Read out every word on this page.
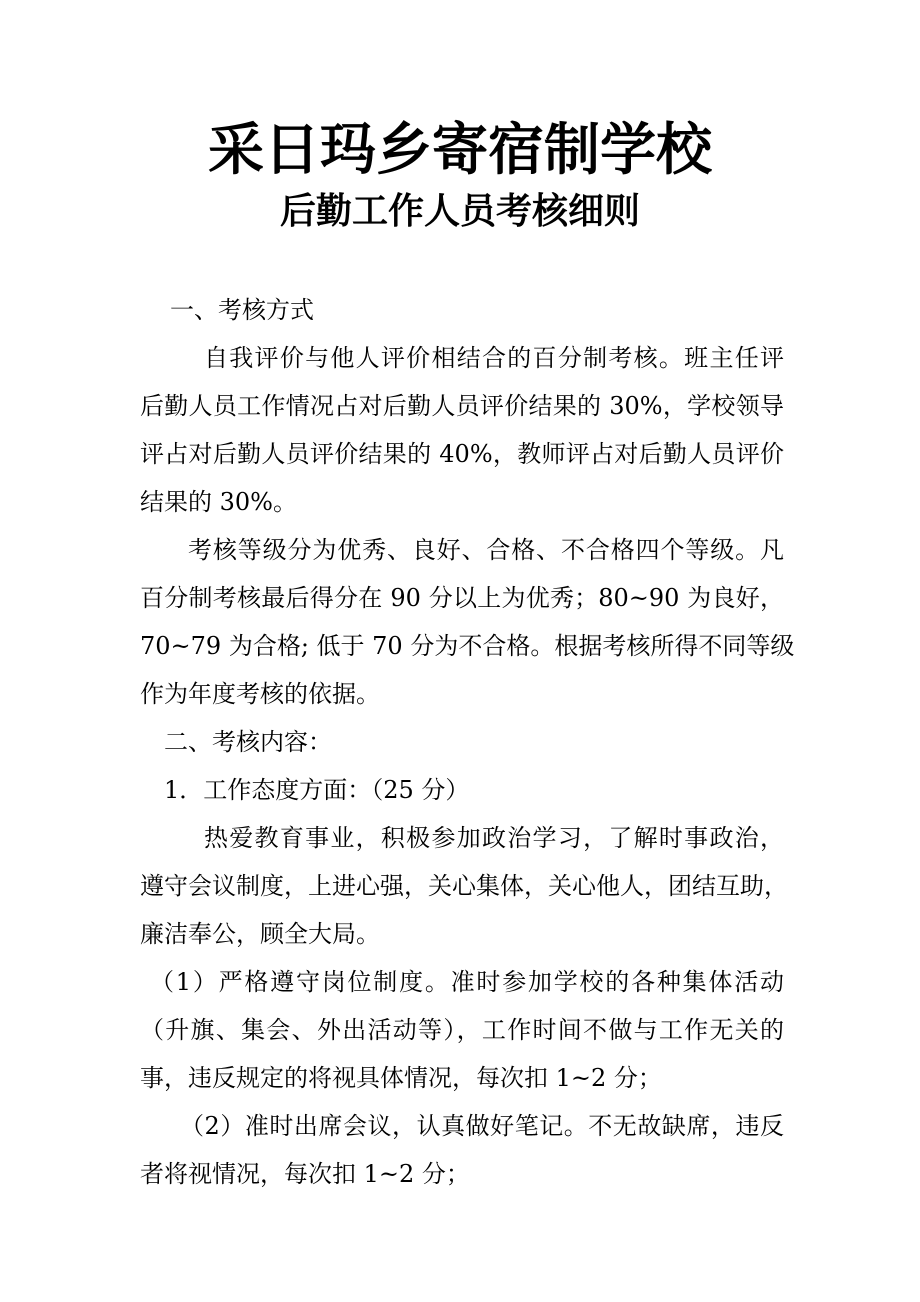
采日玛乡寄宿制学校
后勤工作人员考核细则
一、考核方式
自我评价与他人评价相结合的百分制考核。班主任评
后勤人员工作情况占对后勤人员评价结果的 30%，学校领导
评占对后勤人员评价结果的 40%，教师评占对后勤人员评价
结果的 30%。
考核等级分为优秀、良好、合格、不合格四个等级。凡
百分制考核最后得分在 90 分以上为优秀；80~90 为良好，
70~79 为合格; 低于 70 分为不合格。根据考核所得不同等级
作为年度考核的依据。
二、考核内容：
1．工作态度方面：（25 分）
热爱教育事业，积极参加政治学习，了解时事政治，
遵守会议制度，上进心强，关心集体，关心他人，团结互助，
廉洁奉公，顾全大局。
（1）严格遵守岗位制度。准时参加学校的各种集体活动
（升旗、集会、外出活动等），工作时间不做与工作无关的
事，违反规定的将视具体情况，每次扣 1~2 分；
（2）准时出席会议，认真做好笔记。不无故缺席，违反
者将视情况，每次扣 1~2 分；
